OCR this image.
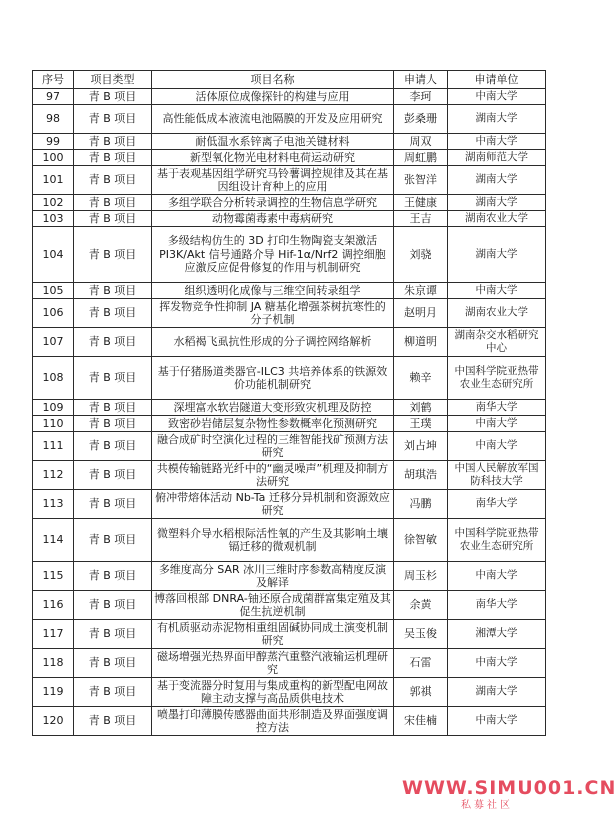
序号	项目类型	项目名称	申请人	申请单位
97	青 B 项目	活体原位成像探针的构建与应用	李珂	中南大学
98	青 B 项目	高性能低成本液流电池隔膜的开发及应用研究	彭桑珊	湖南大学
99	青 B 项目	耐低温水系锌离子电池关键材料	周双	中南大学
100	青 B 项目	新型氧化物光电材料电荷运动研究	周虹鹏	湖南师范大学
101	青 B 项目	基于表观基因组学研究马铃薯调控规律及其在基因组设计育种上的应用	张智洋	湖南大学
102	青 B 项目	多组学联合分析转录调控的生物信息学研究	王健康	湖南大学
103	青 B 项目	动物霉菌毒素中毒病研究	王吉	湖南农业大学
104	青 B 项目	多级结构仿生的 3D 打印生物陶瓷支架激活 PI3K/Akt 信号通路介导 Hif-1α/Nrf2 调控细胞应激反应促骨修复的作用与机制研究	刘骁	湖南大学
105	青 B 项目	组织透明化成像与三维空间转录组学	朱京谭	中南大学
106	青 B 项目	挥发物竞争性抑制 JA 糖基化增强茶树抗寒性的分子机制	赵明月	湖南农业大学
107	青 B 项目	水稻褐飞虱抗性形成的分子调控网络解析	柳道明	湖南杂交水稻研究中心
108	青 B 项目	基于仔猪肠道类器官-ILC3 共培养体系的铁源效价功能机制研究	赖辛	中国科学院亚热带农业生态研究所
109	青 B 项目	深埋富水软岩隧道大变形致灾机理及防控	刘鹤	南华大学
110	青 B 项目	致密砂岩储层复杂物性参数概率化预测研究	王璞	中南大学
111	青 B 项目	融合成矿时空演化过程的三维智能找矿预测方法研究	刘占坤	中南大学
112	青 B 项目	共模传输链路光纤中的“幽灵噪声”机理及抑制方法研究	胡琪浩	中国人民解放军国防科技大学
113	青 B 项目	俯冲带熔体活动 Nb-Ta 迁移分异机制和资源效应研究	冯鹏	南华大学
114	青 B 项目	微塑料介导水稻根际活性氧的产生及其影响土壤镉迁移的微观机制	徐智敏	中国科学院亚热带农业生态研究所
115	青 B 项目	多维度高分 SAR 冰川三维时序参数高精度反演及解译	周玉杉	中南大学
116	青 B 项目	博落回根部 DNRA-铀还原合成菌群富集定殖及其促生抗逆机制	余黄	南华大学
117	青 B 项目	有机质驱动赤泥物相重组固碱协同成土演变机制研究	吴玉俊	湘潭大学
118	青 B 项目	磁场增强光热界面甲醇蒸汽重整汽液输运机理研究	石雷	中南大学
119	青 B 项目	基于变流器分时复用与集成重构的新型配电网故障主动支撑与高品质供电技术	郭祺	湖南大学
120	青 B 项目	喷墨打印薄膜传感器曲面共形制造及界面强度调控方法	宋佳楠	中南大学
WWW.SIMU001.CN
私募社区
